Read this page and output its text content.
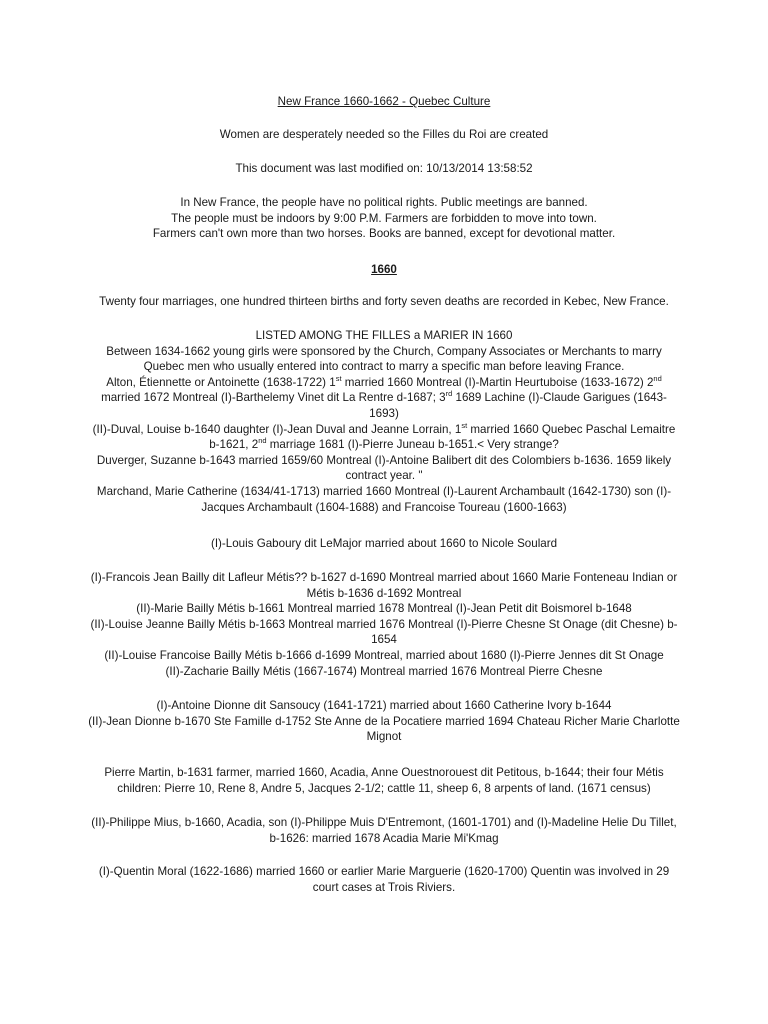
New France 1660-1662 - Quebec Culture
Women are desperately needed so the Filles du Roi are created
This document was last modified on: 10/13/2014 13:58:52
In New France, the people have no political rights. Public meetings are banned.
The people must be indoors by 9:00 P.M. Farmers are forbidden to move into town.
Farmers can't own more than two horses. Books are banned, except for devotional matter.
1660
Twenty four marriages, one hundred thirteen births and forty seven deaths are recorded in Kebec, New France.
LISTED AMONG THE FILLES a MARIER IN 1660
Between 1634-1662 young girls were sponsored by the Church, Company Associates or Merchants to marry Quebec men who usually entered into contract to marry a specific man before leaving France.
Alton, Étiennette or Antoinette (1638-1722) 1st married 1660 Montreal (I)-Martin Heurtuboise (1633-1672) 2nd married 1672 Montreal (I)-Barthelemy Vinet dit La Rentre d-1687; 3rd 1689 Lachine (I)-Claude Garigues (1643-1693)
(II)-Duval, Louise b-1640 daughter (I)-Jean Duval and Jeanne Lorrain, 1st married 1660 Quebec Paschal Lemaitre b-1621, 2nd marriage 1681 (I)-Pierre Juneau b-1651.< Very strange?
Duverger, Suzanne b-1643 married 1659/60 Montreal (I)-Antoine Balibert dit des Colombiers b-1636. 1659 likely contract year. "
Marchand, Marie Catherine (1634/41-1713) married 1660 Montreal (I)-Laurent Archambault (1642-1730) son (I)-Jacques Archambault (1604-1688) and Francoise Toureau (1600-1663)
(I)-Louis Gaboury dit LeMajor married about 1660 to Nicole Soulard
(I)-Francois Jean Bailly dit Lafleur Métis?? b-1627 d-1690 Montreal married about 1660 Marie Fonteneau Indian or Métis b-1636 d-1692 Montreal
(II)-Marie Bailly Métis b-1661 Montreal married 1678 Montreal (I)-Jean Petit dit Boismorel b-1648
(II)-Louise Jeanne Bailly Métis b-1663 Montreal married 1676 Montreal (I)-Pierre Chesne St Onage (dit Chesne) b-1654
(II)-Louise Francoise Bailly Métis b-1666 d-1699 Montreal, married about 1680 (I)-Pierre Jennes dit St Onage
(II)-Zacharie Bailly Métis (1667-1674) Montreal married 1676 Montreal Pierre Chesne
(I)-Antoine Dionne dit Sansoucy (1641-1721) married about 1660 Catherine Ivory b-1644
(II)-Jean Dionne b-1670 Ste Famille d-1752 Ste Anne de la Pocatiere married 1694 Chateau Richer Marie Charlotte Mignot
Pierre Martin, b-1631 farmer, married 1660, Acadia, Anne Ouestnorouest dit Petitous, b-1644; their four Métis children: Pierre 10, Rene 8, Andre 5, Jacques 2-1/2; cattle 11, sheep 6, 8 arpents of land. (1671 census)
(II)-Philippe Mius, b-1660, Acadia, son (I)-Philippe Muis D'Entremont, (1601-1701) and (I)-Madeline Helie Du Tillet, b-1626: married 1678 Acadia Marie Mi'Kmag
(I)-Quentin Moral (1622-1686) married 1660 or earlier Marie Marguerie (1620-1700) Quentin was involved in 29 court cases at Trois Riviers.
